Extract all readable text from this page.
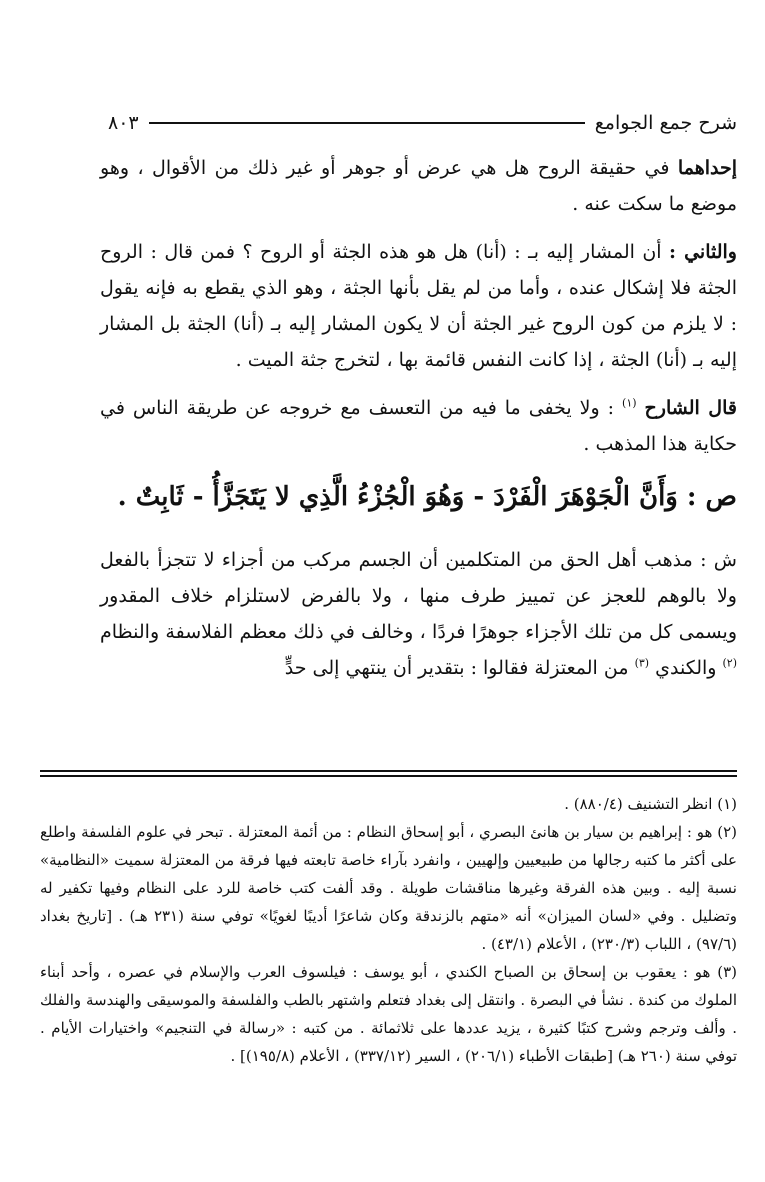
شرح جمع الجوامع
٨٠٣

إحداهما في حقيقة الروح هل هي عرض أو جوهر أو غير ذلك من الأقوال ، وهو موضع ما سكت عنه .

والثاني : أن المشار إليه بـ : (أنا) هل هو هذه الجثة أو الروح ؟ فمن قال : الروح الجثة فلا إشكال عنده ، وأما من لم يقل بأنها الجثة ، وهو الذي يقطع به فإنه يقول : لا يلزم من كون الروح غير الجثة أن لا يكون المشار إليه بـ (أنا) الجثة بل المشار إليه بـ (أنا) الجثة ، إذا كانت النفس قائمة بها ، لتخرج جثة الميت .

قال الشارح $^{(١)}$ : ولا يخفى ما فيه من التعسف مع خروجه عن طريقة الناس في حكاية هذا المذهب .

ص : وَأَنَّ الْجَوْهَرَ الْفَرْدَ - وَهُوَ الْجُزْءُ الَّذِي لا يَتَجَزَّأُ - ثَابِتٌ .

ش : مذهب أهل الحق من المتكلمين أن الجسم مركب من أجزاء لا تتجزأ بالفعل ولا بالوهم للعجز عن تمييز طرف منها ، ولا بالفرض لاستلزام خلاف المقدور ويسمى كل من تلك الأجزاء جوهرًا فردًا ، وخالف في ذلك معظم الفلاسفة والنظام $^{(٢)}$ والكندي $^{(٣)}$ من المعتزلة فقالوا : بتقدير أن ينتهي إلى حدٍّ

(١) انظر التشنيف (٨٨٠/٤) .

(٢) هو : إبراهيم بن سيار بن هانئ البصري ، أبو إسحاق النظام : من أئمة المعتزلة . تبحر في علوم الفلسفة واطلع على أكثر ما كتبه رجالها من طبيعيين وإلهيين ، وانفرد بآراء خاصة تابعته فيها فرقة من المعتزلة سميت «النظامية» نسبة إليه . وبين هذه الفرقة وغيرها مناقشات طويلة . وقد ألفت كتب خاصة للرد على النظام وفيها تكفير له وتضليل . وفي «لسان الميزان» أنه «متهم بالزندقة وكان شاعرًا أديبًا لغويًا» توفي سنة (٢٣١ هـ) . [تاريخ بغداد (٩٧/٦) ، اللباب (٢٣٠/٣) ، الأعلام (٤٣/١) .

(٣) هو : يعقوب بن إسحاق بن الصباح الكندي ، أبو يوسف : فيلسوف العرب والإسلام في عصره ، وأحد أبناء الملوك من كندة . نشأ في البصرة . وانتقل إلى بغداد فتعلم واشتهر بالطب والفلسفة والموسيقى والهندسة والفلك . وألف وترجم وشرح كتبًا كثيرة ، يزيد عددها على ثلاثمائة . من كتبه : «رسالة في التنجيم» واختيارات الأيام . توفي سنة (٢٦٠ هـ) [طبقات الأطباء (٢٠٦/١) ، السير (٣٣٧/١٢) ، الأعلام (١٩٥/٨)] .
